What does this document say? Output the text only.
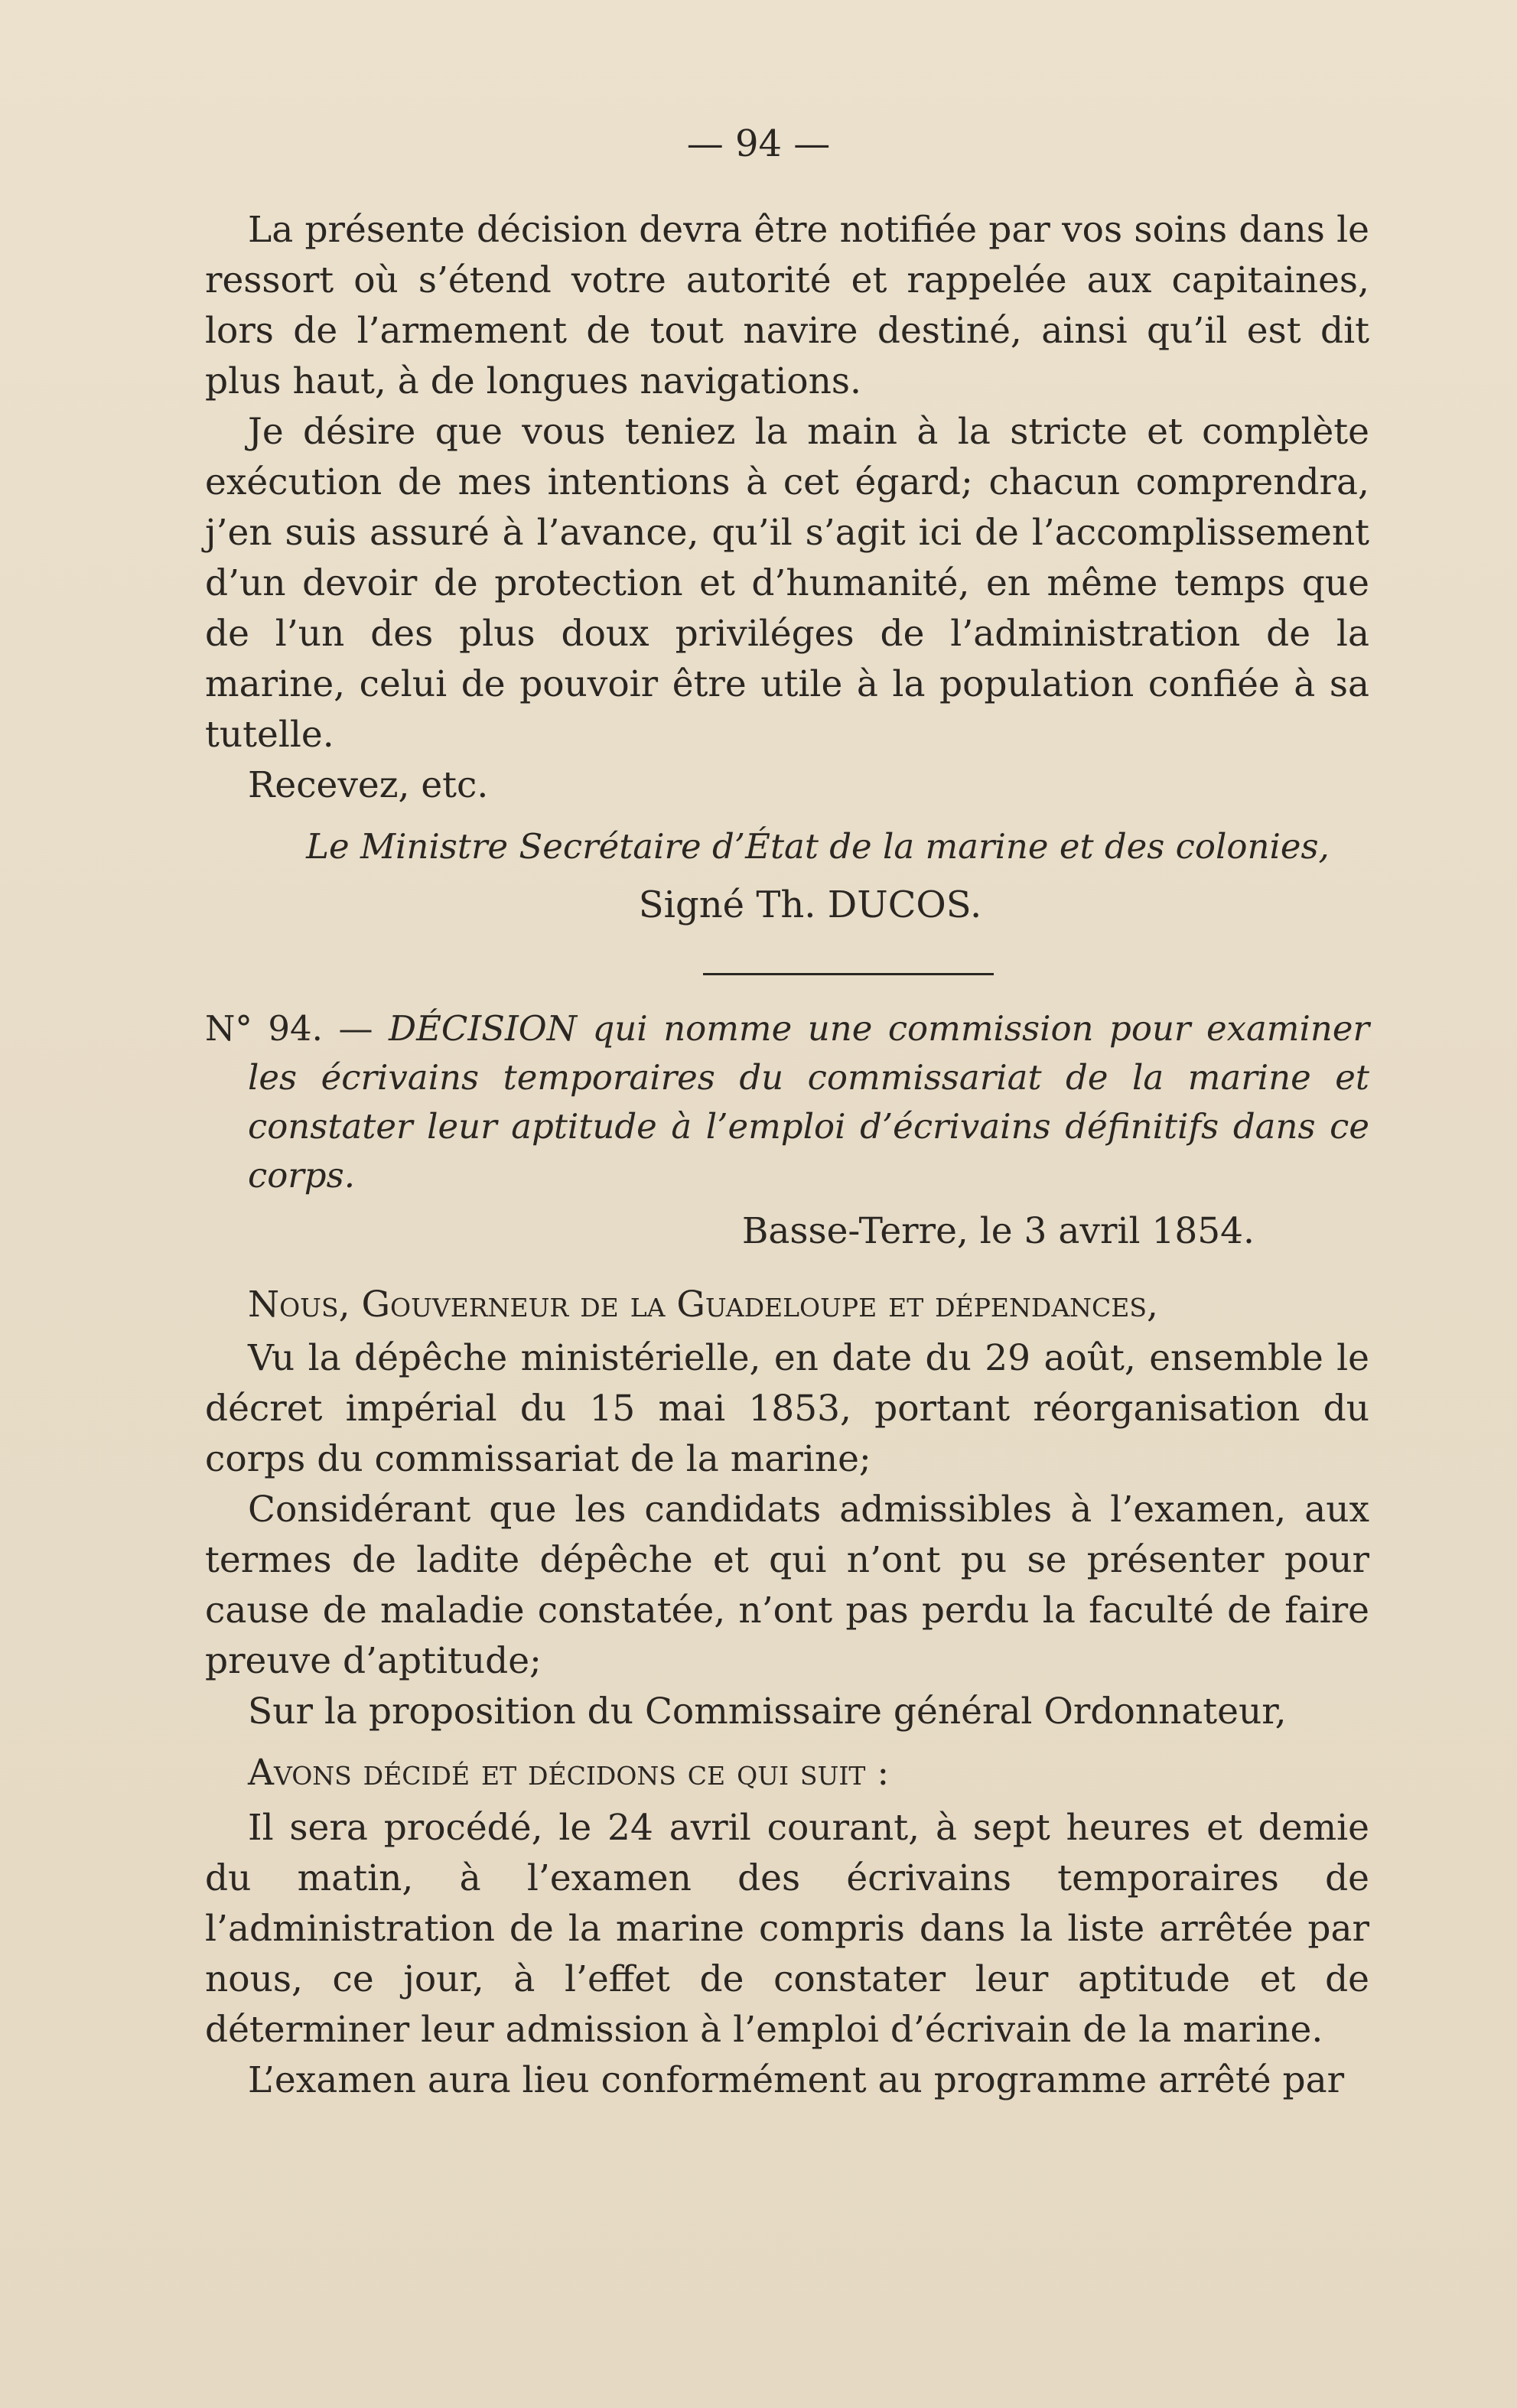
— 94 —

La présente décision devra être notifiée par vos soins dans le ressort où s’étend votre autorité et rappelée aux capitaines, lors de l’armement de tout navire destiné, ainsi qu’il est dit plus haut, à de longues navigations.

Je désire que vous teniez la main à la stricte et complète exécution de mes intentions à cet égard; chacun comprendra, j’en suis assuré à l’avance, qu’il s’agit ici de l’accomplissement d’un devoir de protection et d’humanité, en même temps que de l’un des plus doux priviléges de l’administration de la marine, celui de pouvoir être utile à la population confiée à sa tutelle.

Recevez, etc.

Le Ministre Secrétaire d’État de la marine et des colonies,

Signé Th. DUCOS.

N° 94. — DÉCISION qui nomme une commission pour examiner les écrivains temporaires du commissariat de la marine et constater leur aptitude à l’emploi d’écrivains définitifs dans ce corps.

Basse-Terre, le 3 avril 1854.

Nous, Gouverneur de la Guadeloupe et dépendances,

Vu la dépêche ministérielle, en date du 29 août, ensemble le décret impérial du 15 mai 1853, portant réorganisation du corps du commissariat de la marine;

Considérant que les candidats admissibles à l’examen, aux termes de ladite dépêche et qui n’ont pu se présenter pour cause de maladie constatée, n’ont pas perdu la faculté de faire preuve d’aptitude;

Sur la proposition du Commissaire général Ordonnateur,

Avons décidé et décidons ce qui suit :

Il sera procédé, le 24 avril courant, à sept heures et demie du matin, à l’examen des écrivains temporaires de l’administration de la marine compris dans la liste arrêtée par nous, ce jour, à l’effet de constater leur aptitude et de déterminer leur admission à l’emploi d’écrivain de la marine.

L’examen aura lieu conformément au programme arrêté par
